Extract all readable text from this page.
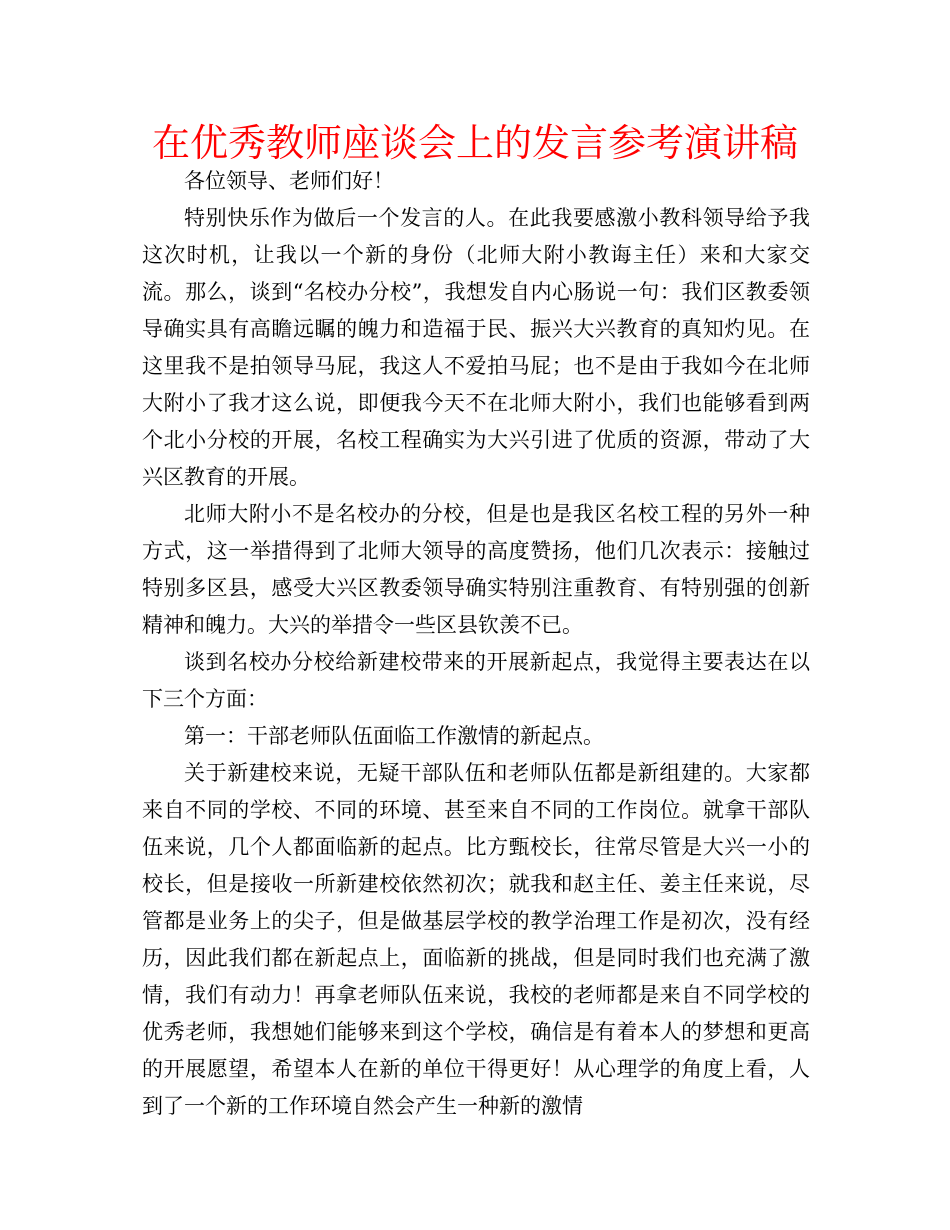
在优秀教师座谈会上的发言参考演讲稿

各位领导、老师们好！

特别快乐作为做后一个发言的人。在此我要感激小教科领导给予我这次时机，让我以一个新的身份（北师大附小教诲主任）来和大家交流。那么，谈到“名校办分校”，我想发自内心肠说一句：我们区教委领导确实具有高瞻远瞩的魄力和造福于民、振兴大兴教育的真知灼见。在这里我不是拍领导马屁，我这人不爱拍马屁；也不是由于我如今在北师大附小了我才这么说，即便我今天不在北师大附小，我们也能够看到两个北小分校的开展，名校工程确实为大兴引进了优质的资源，带动了大兴区教育的开展。

北师大附小不是名校办的分校，但是也是我区名校工程的另外一种方式，这一举措得到了北师大领导的高度赞扬，他们几次表示：接触过特别多区县，感受大兴区教委领导确实特别注重教育、有特别强的创新精神和魄力。大兴的举措令一些区县钦羡不已。

谈到名校办分校给新建校带来的开展新起点，我觉得主要表达在以下三个方面：

第一：干部老师队伍面临工作激情的新起点。

关于新建校来说，无疑干部队伍和老师队伍都是新组建的。大家都来自不同的学校、不同的环境、甚至来自不同的工作岗位。就拿干部队伍来说，几个人都面临新的起点。比方甄校长，往常尽管是大兴一小的校长，但是接收一所新建校依然初次；就我和赵主任、姜主任来说，尽管都是业务上的尖子，但是做基层学校的教学治理工作是初次，没有经历，因此我们都在新起点上，面临新的挑战，但是同时我们也充满了激情，我们有动力！再拿老师队伍来说，我校的老师都是来自不同学校的优秀老师，我想她们能够来到这个学校，确信是有着本人的梦想和更高的开展愿望，希望本人在新的单位干得更好！从心理学的角度上看，人到了一个新的工作环境自然会产生一种新的激情
